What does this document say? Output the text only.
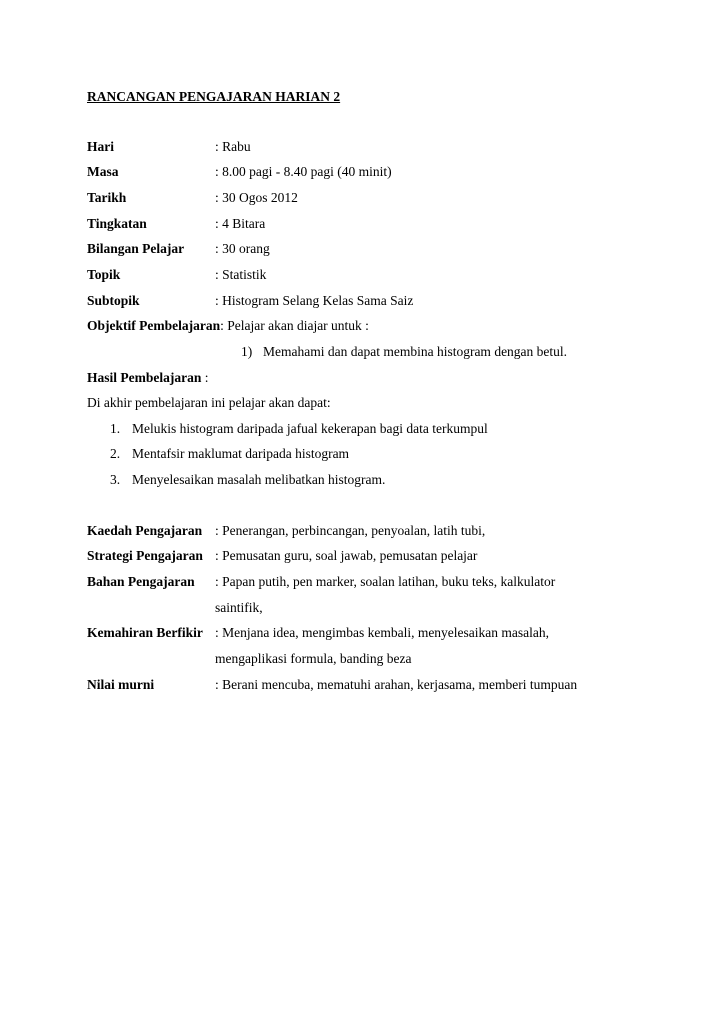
RANCANGAN PENGAJARAN HARIAN 2
Hari	: Rabu
Masa	: 8.00 pagi - 8.40 pagi (40 minit)
Tarikh	: 30 Ogos 2012
Tingkatan	: 4 Bitara
Bilangan Pelajar : 30 orang
Topik	: Statistik
Subtopik	: Histogram Selang Kelas Sama Saiz
Objektif Pembelajaran: Pelajar akan diajar untuk :
1) Memahami dan dapat membina histogram dengan betul.
Hasil Pembelajaran :
Di akhir pembelajaran ini pelajar akan dapat:
1. Melukis histogram daripada jafual kekerapan bagi data terkumpul
2. Mentafsir maklumat daripada histogram
3. Menyelesaikan masalah melibatkan histogram.
Kaedah Pengajaran : Penerangan, perbincangan, penyoalan, latih tubi,
Strategi Pengajaran : Pemusatan guru, soal jawab, pemusatan pelajar
Bahan Pengajaran : Papan putih, pen marker, soalan latihan, buku teks, kalkulator
saintifik,
Kemahiran Berfikir : Menjana idea, mengimbas kembali, menyelesaikan masalah,
mengaplikasi formula, banding beza
Nilai murni	: Berani mencuba, mematuhi arahan, kerjasama, memberi tumpuan
